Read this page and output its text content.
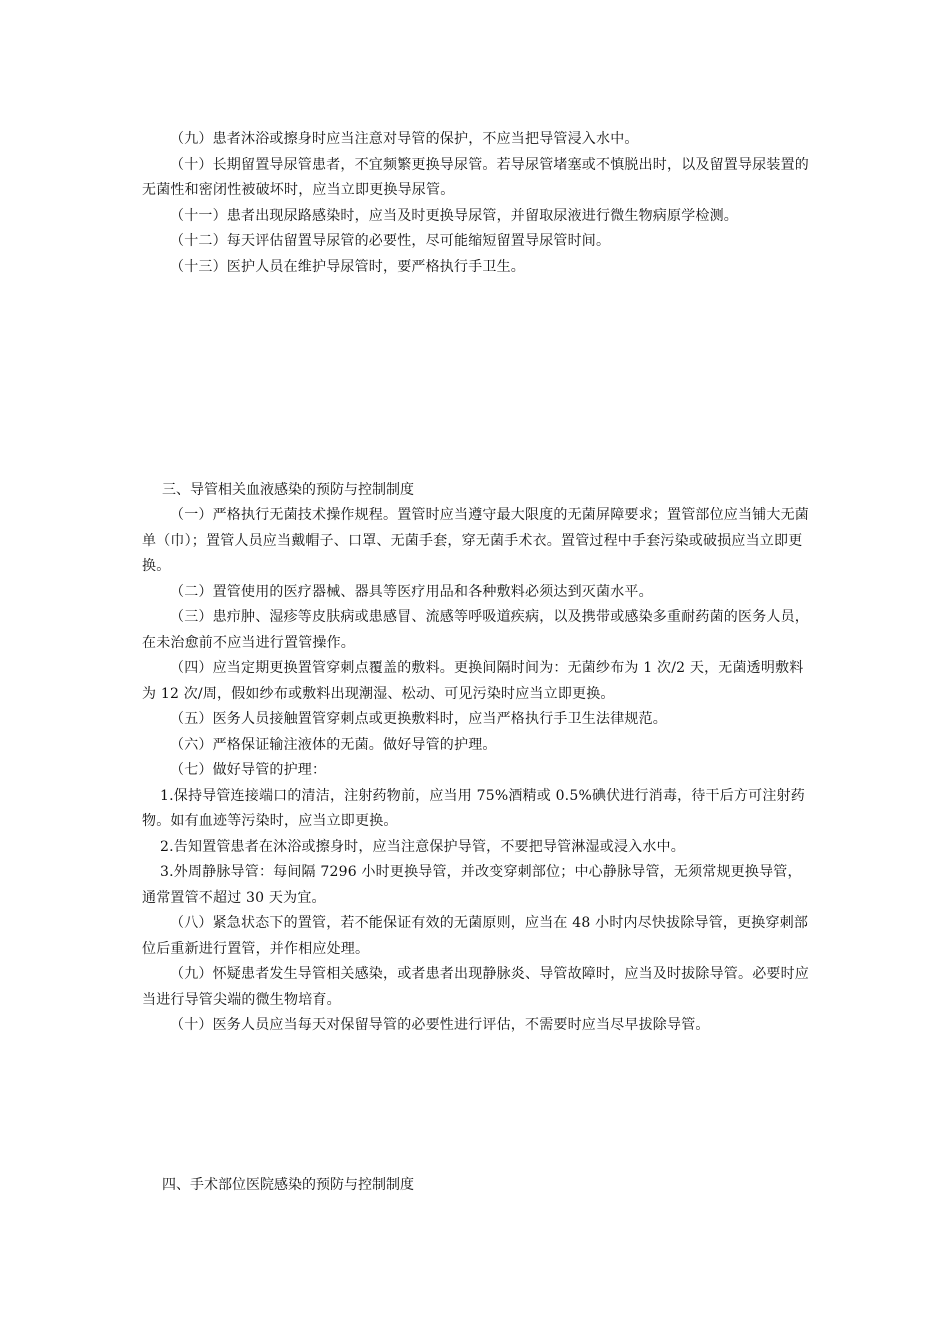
（九）患者沐浴或擦身时应当注意对导管的保护，不应当把导管浸入水中。

（十）长期留置导尿管患者，不宜频繁更换导尿管。若导尿管堵塞或不慎脱出时，以及留置导尿装置的无菌性和密闭性被破坏时，应当立即更换导尿管。

（十一）患者出现尿路感染时，应当及时更换导尿管，并留取尿液进行微生物病原学检测。

（十二）每天评估留置导尿管的必要性，尽可能缩短留置导尿管时间。

（十三）医护人员在维护导尿管时，要严格执行手卫生。

三、导管相关血液感染的预防与控制制度

（一）严格执行无菌技术操作规程。置管时应当遵守最大限度的无菌屏障要求；置管部位应当铺大无菌单（巾）；置管人员应当戴帽子、口罩、无菌手套，穿无菌手术衣。置管过程中手套污染或破损应当立即更换。

（二）置管使用的医疗器械、器具等医疗用品和各种敷料必须达到灭菌水平。

（三）患疖肿、湿疹等皮肤病或患感冒、流感等呼吸道疾病，以及携带或感染多重耐药菌的医务人员，在未治愈前不应当进行置管操作。

（四）应当定期更换置管穿刺点覆盖的敷料。更换间隔时间为：无菌纱布为 1 次/2 天，无菌透明敷料为 12 次/周，假如纱布或敷料出现潮湿、松动、可见污染时应当立即更换。

（五）医务人员接触置管穿刺点或更换敷料时，应当严格执行手卫生法律规范。

（六）严格保证输注液体的无菌。做好导管的护理。

（七）做好导管的护理：

1.保持导管连接端口的清洁，注射药物前，应当用 75%酒精或 0.5%碘伏进行消毒，待干后方可注射药物。如有血迹等污染时，应当立即更换。

2.告知置管患者在沐浴或擦身时，应当注意保护导管，不要把导管淋湿或浸入水中。

3.外周静脉导管：每间隔 7296 小时更换导管，并改变穿刺部位；中心静脉导管，无须常规更换导管，通常置管不超过 30 天为宜。

（八）紧急状态下的置管，若不能保证有效的无菌原则，应当在 48 小时内尽快拔除导管，更换穿刺部位后重新进行置管，并作相应处理。

（九）怀疑患者发生导管相关感染，或者患者出现静脉炎、导管故障时，应当及时拔除导管。必要时应当进行导管尖端的微生物培育。

（十）医务人员应当每天对保留导管的必要性进行评估，不需要时应当尽早拔除导管。

四、手术部位医院感染的预防与控制制度
